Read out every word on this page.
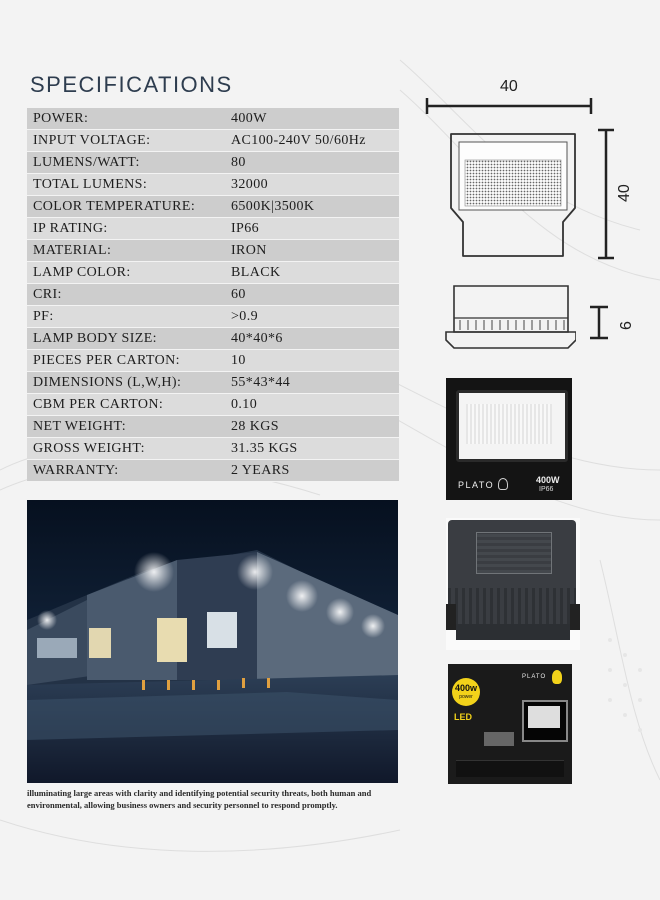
SPECIFICATIONS
POWER:	400W
INPUT VOLTAGE:	AC100-240V 50/60Hz
LUMENS/WATT:	80
TOTAL LUMENS:	32000
COLOR TEMPERATURE:	6500K|3500K
IP RATING:	IP66
MATERIAL:	IRON
LAMP COLOR:	BLACK
CRI:	60
PF:	>0.9
LAMP BODY SIZE:	40*40*6
PIECES PER CARTON:	10
DIMENSIONS (L,W,H):	55*43*44
CBM PER CARTON:	0.10
NET WEIGHT:	28 KGS
GROSS WEIGHT:	31.35 KGS
WARRANTY:	2 YEARS
40
40
6
PLATO	400W
IP66
400w
power
LED
PLATO
illuminating large areas with clarity and identifying potential security threats, both human and environmental, allowing business owners and security personnel to respond promptly.
